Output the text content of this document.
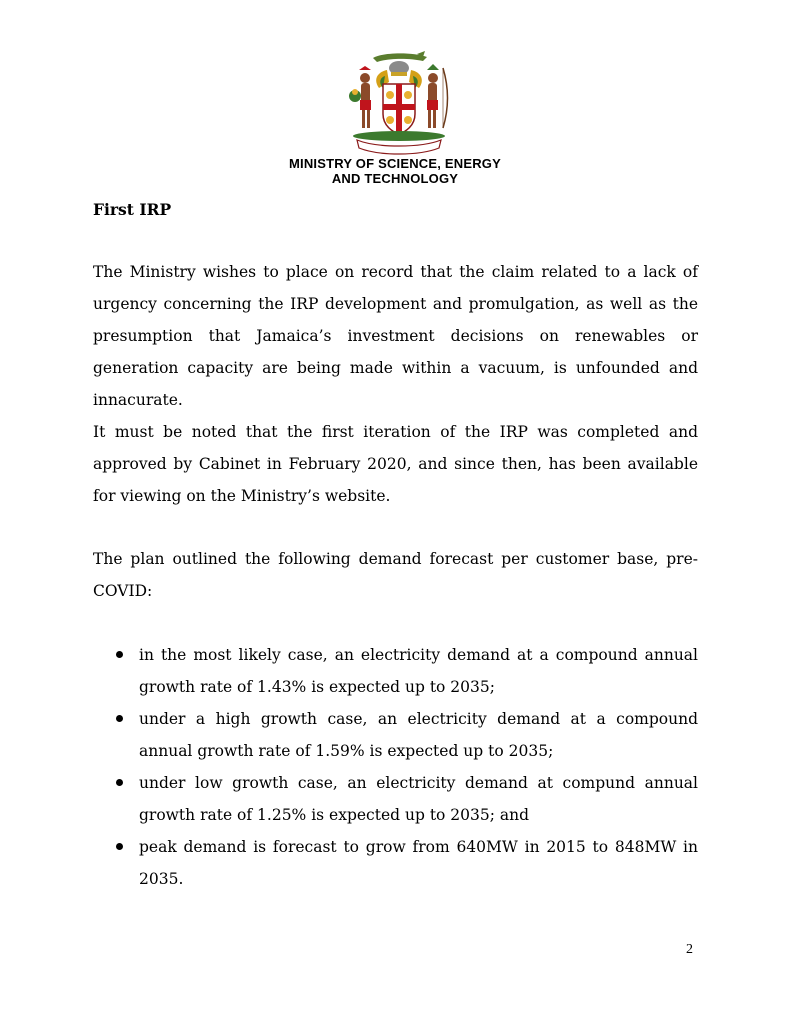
MINISTRY OF SCIENCE, ENERGY
AND TECHNOLOGY
First IRP

The Ministry wishes to place on record that the claim related to a lack of urgency concerning the IRP development and promulgation, as well as the presumption that Jamaica’s investment decisions on renewables or generation capacity are being made within a vacuum, is unfounded and innacurate.

It must be noted that the first iteration of the IRP was completed and approved by Cabinet in February 2020, and since then, has been available for viewing on the Ministry’s website.

The plan outlined the following demand forecast per customer base, pre-COVID:

in the most likely case, an electricity demand at a compound annual growth rate of 1.43% is expected up to 2035;
under a high growth case, an electricity demand at a compound annual growth rate of 1.59% is expected up to 2035;
under low growth case, an electricity demand at compund annual growth rate of 1.25% is expected up to 2035; and
peak demand is forecast to grow from 640MW in 2015 to 848MW in 2035.
2
